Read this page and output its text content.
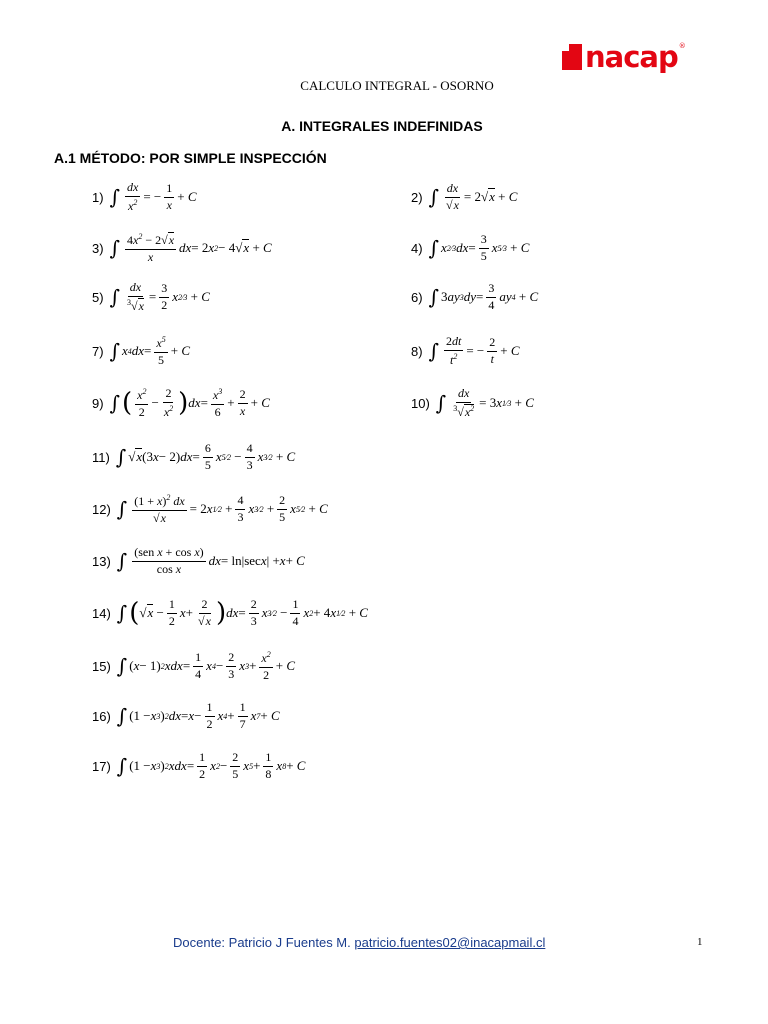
nacap ®
CALCULO INTEGRAL - OSORNO
A. INTEGRALES INDEFINIDAS
A.1 MÉTODO: POR SIMPLE INSPECCIÓN
1) ∫ $\frac{dx}{x^2}$ = − $\frac{1}{x} + C$	2) ∫ $\frac{dx}{√x} = 2$ √x
+ C
3) ∫ $\frac{4x^2 - 2√x}{x}$ dx = 2 x 2 − 4 √x
+ C	4) ∫ x 2⁄3 dx = $\frac{3}{5}$ x 5⁄3
+ C
5) ∫ $\frac{dx}{^3√x} = \frac{3}{2}$ x 2⁄3
+ C	6) ∫ 3 ay 3 dy = $\frac{3}{4}$ ay 4
+ C
7) ∫ x 4 dx = $\frac{x^5}{5} + C$	8) ∫ $\frac{2dt}{t^2}$ = − $\frac{2}{t} + C$
9) ∫ ( $\frac{x^2}{2} - \frac{2}{x^2}$ ) dx = $\frac{x^3}{6} + \frac{2}{x} + C$	10) ∫ $\frac{dx}{^3√x^2} = 3$ x 1⁄3
+ C
11) ∫ √x (3 x − 2) dx = $\frac{6}{5}$ x 5⁄2
− $\frac{4}{3}$ x 3⁄2
+ C
12) ∫ $\frac{(1 + x)^2 dx}{√x} = 2$ x 1⁄2
+ $\frac{4}{3}$ x 3⁄2
+ $\frac{2}{5}$ x 5⁄2
+ C
13) ∫ $\frac{\text{(sen x + cos x)}}{\text{cos x}}$ dx = ln|sec x | + x + C
14) ∫ ( √x
− $\frac{1}{2}$ $x + \frac{2}{√x}$ ) dx = $\frac{2}{3}$ x 3⁄2
− $\frac{1}{4}$ x 2 + 4 x 1⁄2
+ C
15) ∫ ( x − 1) 2 xdx = $\frac{1}{4}$ x $4 - \frac{2}{3}$ x $3 + \frac{x^2}{2} + C$
16) ∫ (1 − x 3 ) 2 dx = $x - \frac{1}{2}$ x $4 + \frac{1}{7}$ x 7 + C
17) ∫ (1 − x 3 ) 2 xdx = $\frac{1}{2}$ x $2 - \frac{2}{5}$ x $5 + \frac{1}{8}$ x 8 + C
Docente: Patricio J Fuentes M. patricio.fuentes02@inacapmail.cl	1
